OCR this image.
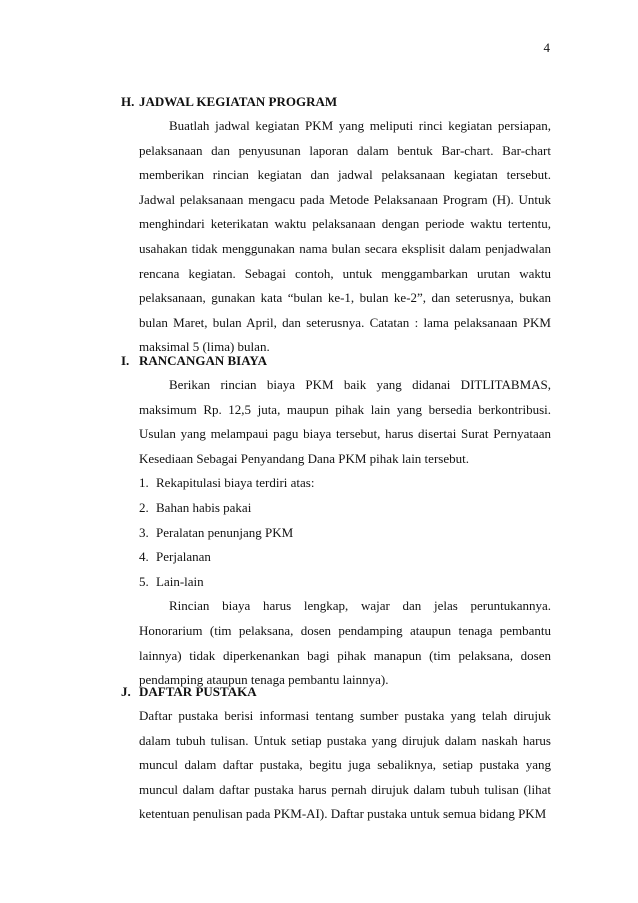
4
H. JADWAL KEGIATAN PROGRAM

Buatlah jadwal kegiatan PKM yang meliputi rinci kegiatan persiapan, pelaksanaan dan penyusunan laporan dalam bentuk Bar-chart. Bar-chart memberikan rincian kegiatan dan jadwal pelaksanaan kegiatan tersebut. Jadwal pelaksanaan mengacu pada Metode Pelaksanaan Program (H). Untuk menghindari keterikatan waktu pelaksanaan dengan periode waktu tertentu, usahakan tidak menggunakan nama bulan secara eksplisit dalam penjadwalan rencana kegiatan. Sebagai contoh, untuk menggambarkan urutan waktu pelaksanaan, gunakan kata “bulan ke-1, bulan ke-2”, dan seterusnya, bukan bulan Maret, bulan April, dan seterusnya. Catatan : lama pelaksanaan PKM maksimal 5 (lima) bulan.

I. RANCANGAN BIAYA

Berikan rincian biaya PKM baik yang didanai DITLITABMAS, maksimum Rp. 12,5 juta, maupun pihak lain yang bersedia berkontribusi. Usulan yang melampaui pagu biaya tersebut, harus disertai Surat Pernyataan Kesediaan Sebagai Penyandang Dana PKM pihak lain tersebut.

1. Rekapitulasi biaya terdiri atas:
2. Bahan habis pakai
3. Peralatan penunjang PKM
4. Perjalanan
5. Lain-lain

Rincian biaya harus lengkap, wajar dan jelas peruntukannya. Honorarium (tim pelaksana, dosen pendamping ataupun tenaga pembantu lainnya) tidak diperkenankan bagi pihak manapun (tim pelaksana, dosen pendamping ataupun tenaga pembantu lainnya).

J. DAFTAR PUSTAKA

Daftar pustaka berisi informasi tentang sumber pustaka yang telah dirujuk dalam tubuh tulisan. Untuk setiap pustaka yang dirujuk dalam naskah harus muncul dalam daftar pustaka, begitu juga sebaliknya, setiap pustaka yang muncul dalam daftar pustaka harus pernah dirujuk dalam tubuh tulisan (lihat ketentuan penulisan pada PKM-AI). Daftar pustaka untuk semua bidang PKM
